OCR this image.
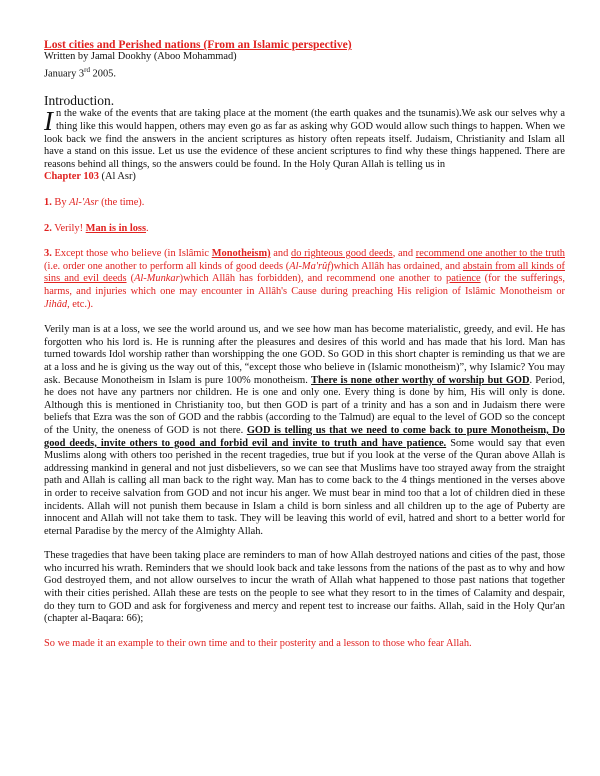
Lost cities and Perished nations (From an Islamic perspective)

Written by Jamal Dookhy (Aboo Mohammad)
January 3rd 2005.
Introduction.

In the wake of the events that are taking place at the moment (the earth quakes and the tsunamis).We ask our selves why a thing like this would happen, others may even go as far as asking why GOD would allow such things to happen. When we look back we find the answers in the ancient scriptures as history often repeats itself. Judaism, Christianity and Islam all have a stand on this issue. Let us use the evidence of these ancient scriptures to find why these things happened. There are reasons behind all things, so the answers could be found. In the Holy Quran Allah is telling us in

Chapter 103 (Al Asr)

1. By Al-'Asr (the time).

2. Verily! Man is in loss.

3. Except those who believe (in Islâmic Monotheism) and do righteous good deeds, and recommend one another to the truth (i.e. order one another to perform all kinds of good deeds (Al-Ma'rûf)which Allâh has ordained, and abstain from all kinds of sins and evil deeds (Al-Munkar)which Allâh has forbidden), and recommend one another to patience (for the sufferings, harms, and injuries which one may encounter in Allâh's Cause during preaching His religion of Islâmic Monotheism or Jihâd, etc.).

Verily man is at a loss, we see the world around us, and we see how man has become materialistic, greedy, and evil. He has forgotten who his lord is. He is running after the pleasures and desires of this world and has made that his lord. Man has turned towards Idol worship rather than worshipping the one GOD. So GOD in this short chapter is reminding us that we are at a loss and he is giving us the way out of this, “except those who believe in (Islamic monotheism)”, why Islamic? You may ask. Because Monotheism in Islam is pure 100% monotheism. There is none other worthy of worship but GOD. Period, he does not have any partners nor children. He is one and only one. Every thing is done by him, His will only is done. Although this is mentioned in Christianity too, but then GOD is part of a trinity and has a son and in Judaism there were beliefs that Ezra was the son of GOD and the rabbis (according to the Talmud) are equal to the level of GOD so the concept of the Unity, the oneness of GOD is not there. GOD is telling us that we need to come back to pure Monotheism, Do good deeds, invite others to good and forbid evil and invite to truth and have patience. Some would say that even Muslims along with others too perished in the recent tragedies, true but if you look at the verse of the Quran above Allah is addressing mankind in general and not just disbelievers, so we can see that Muslims have too strayed away from the straight path and Allah is calling all man back to the right way. Man has to come back to the 4 things mentioned in the verses above in order to receive salvation from GOD and not incur his anger. We must bear in mind too that a lot of children died in these incidents. Allah will not punish them because in Islam a child is born sinless and all children up to the age of Puberty are innocent and Allah will not take them to task. They will be leaving this world of evil, hatred and short to a better world for eternal Paradise by the mercy of the Almighty Allah.

These tragedies that have been taking place are reminders to man of how Allah destroyed nations and cities of the past, those who incurred his wrath. Reminders that we should look back and take lessons from the nations of the past as to why and how God destroyed them, and not allow ourselves to incur the wrath of Allah what happened to those past nations that together with their cities perished. Allah these are tests on the people to see what they resort to in the times of Calamity and despair, do they turn to GOD and ask for forgiveness and mercy and repent test to increase our faiths. Allah, said in the Holy Qur'an (chapter al-Baqara: 66);

So we made it an example to their own time and to their posterity and a lesson to those who fear Allah.
